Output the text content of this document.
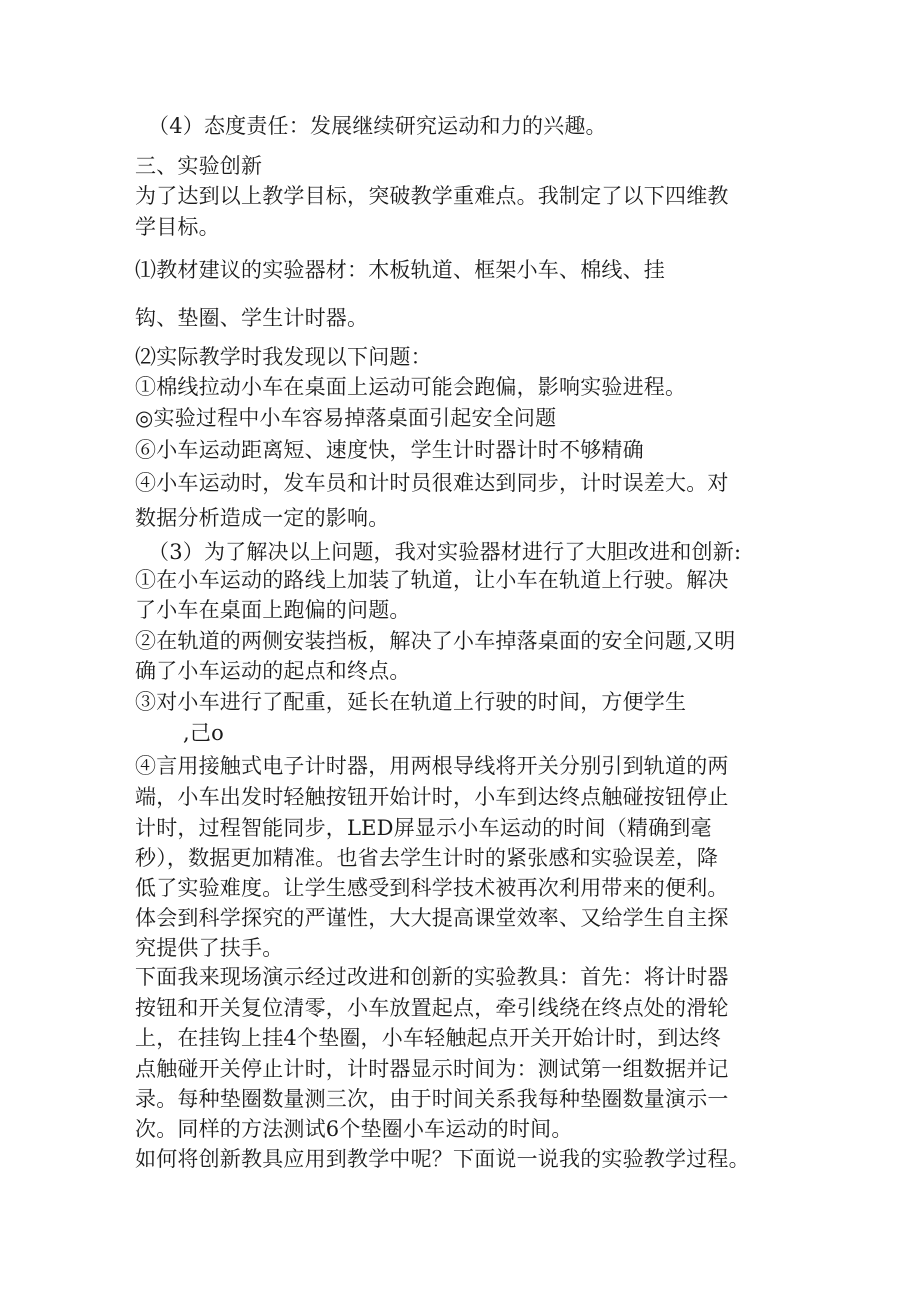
（4）态度责任：发展继续研究运动和力的兴趣。
三、实验创新
为了达到以上教学目标，突破教学重难点。我制定了以下四维教
学目标。
⑴教材建议的实验器材：木板轨道、框架小车、棉线、挂
钩、垫圈、学生计时器。
⑵实际教学时我发现以下问题：
①棉线拉动小车在桌面上运动可能会跑偏，影响实验进程。
◎实验过程中小车容易掉落桌面引起安全问题
⑥小车运动距离短、速度快，学生计时器计时不够精确
④小车运动时，发车员和计时员很难达到同步，计时误差大。对
数据分析造成一定的影响。
（3）为了解决以上问题，我对实验器材进行了大胆改进和创新:
①在小车运动的路线上加装了轨道，让小车在轨道上行驶。解决
了小车在桌面上跑偏的问题。
②在轨道的两侧安装挡板，解决了小车掉落桌面的安全问题,又明
确了小车运动的起点和终点。
③对小车进行了配重，延长在轨道上行驶的时间，方便学生
,己o
④言用接触式电子计时器，用两根导线将开关分别引到轨道的两
端，小车出发时轻触按钮开始计时，小车到达终点触碰按钮停止
计时，过程智能同步，LED屏显示小车运动的时间（精确到毫
秒），数据更加精准。也省去学生计时的紧张感和实验误差，降
低了实验难度。让学生感受到科学技术被再次利用带来的便利。
体会到科学探究的严谨性，大大提高课堂效率、又给学生自主探
究提供了扶手。
下面我来现场演示经过改进和创新的实验教具：首先：将计时器
按钮和开关复位清零，小车放置起点，牵引线绕在终点处的滑轮
上，在挂钩上挂4个垫圈，小车轻触起点开关开始计时，到达终
点触碰开关停止计时，计时器显示时间为：测试第一组数据并记
录。每种垫圈数量测三次，由于时间关系我每种垫圈数量演示一
次。同样的方法测试6个垫圈小车运动的时间。
如何将创新教具应用到教学中呢？下面说一说我的实验教学过程。
